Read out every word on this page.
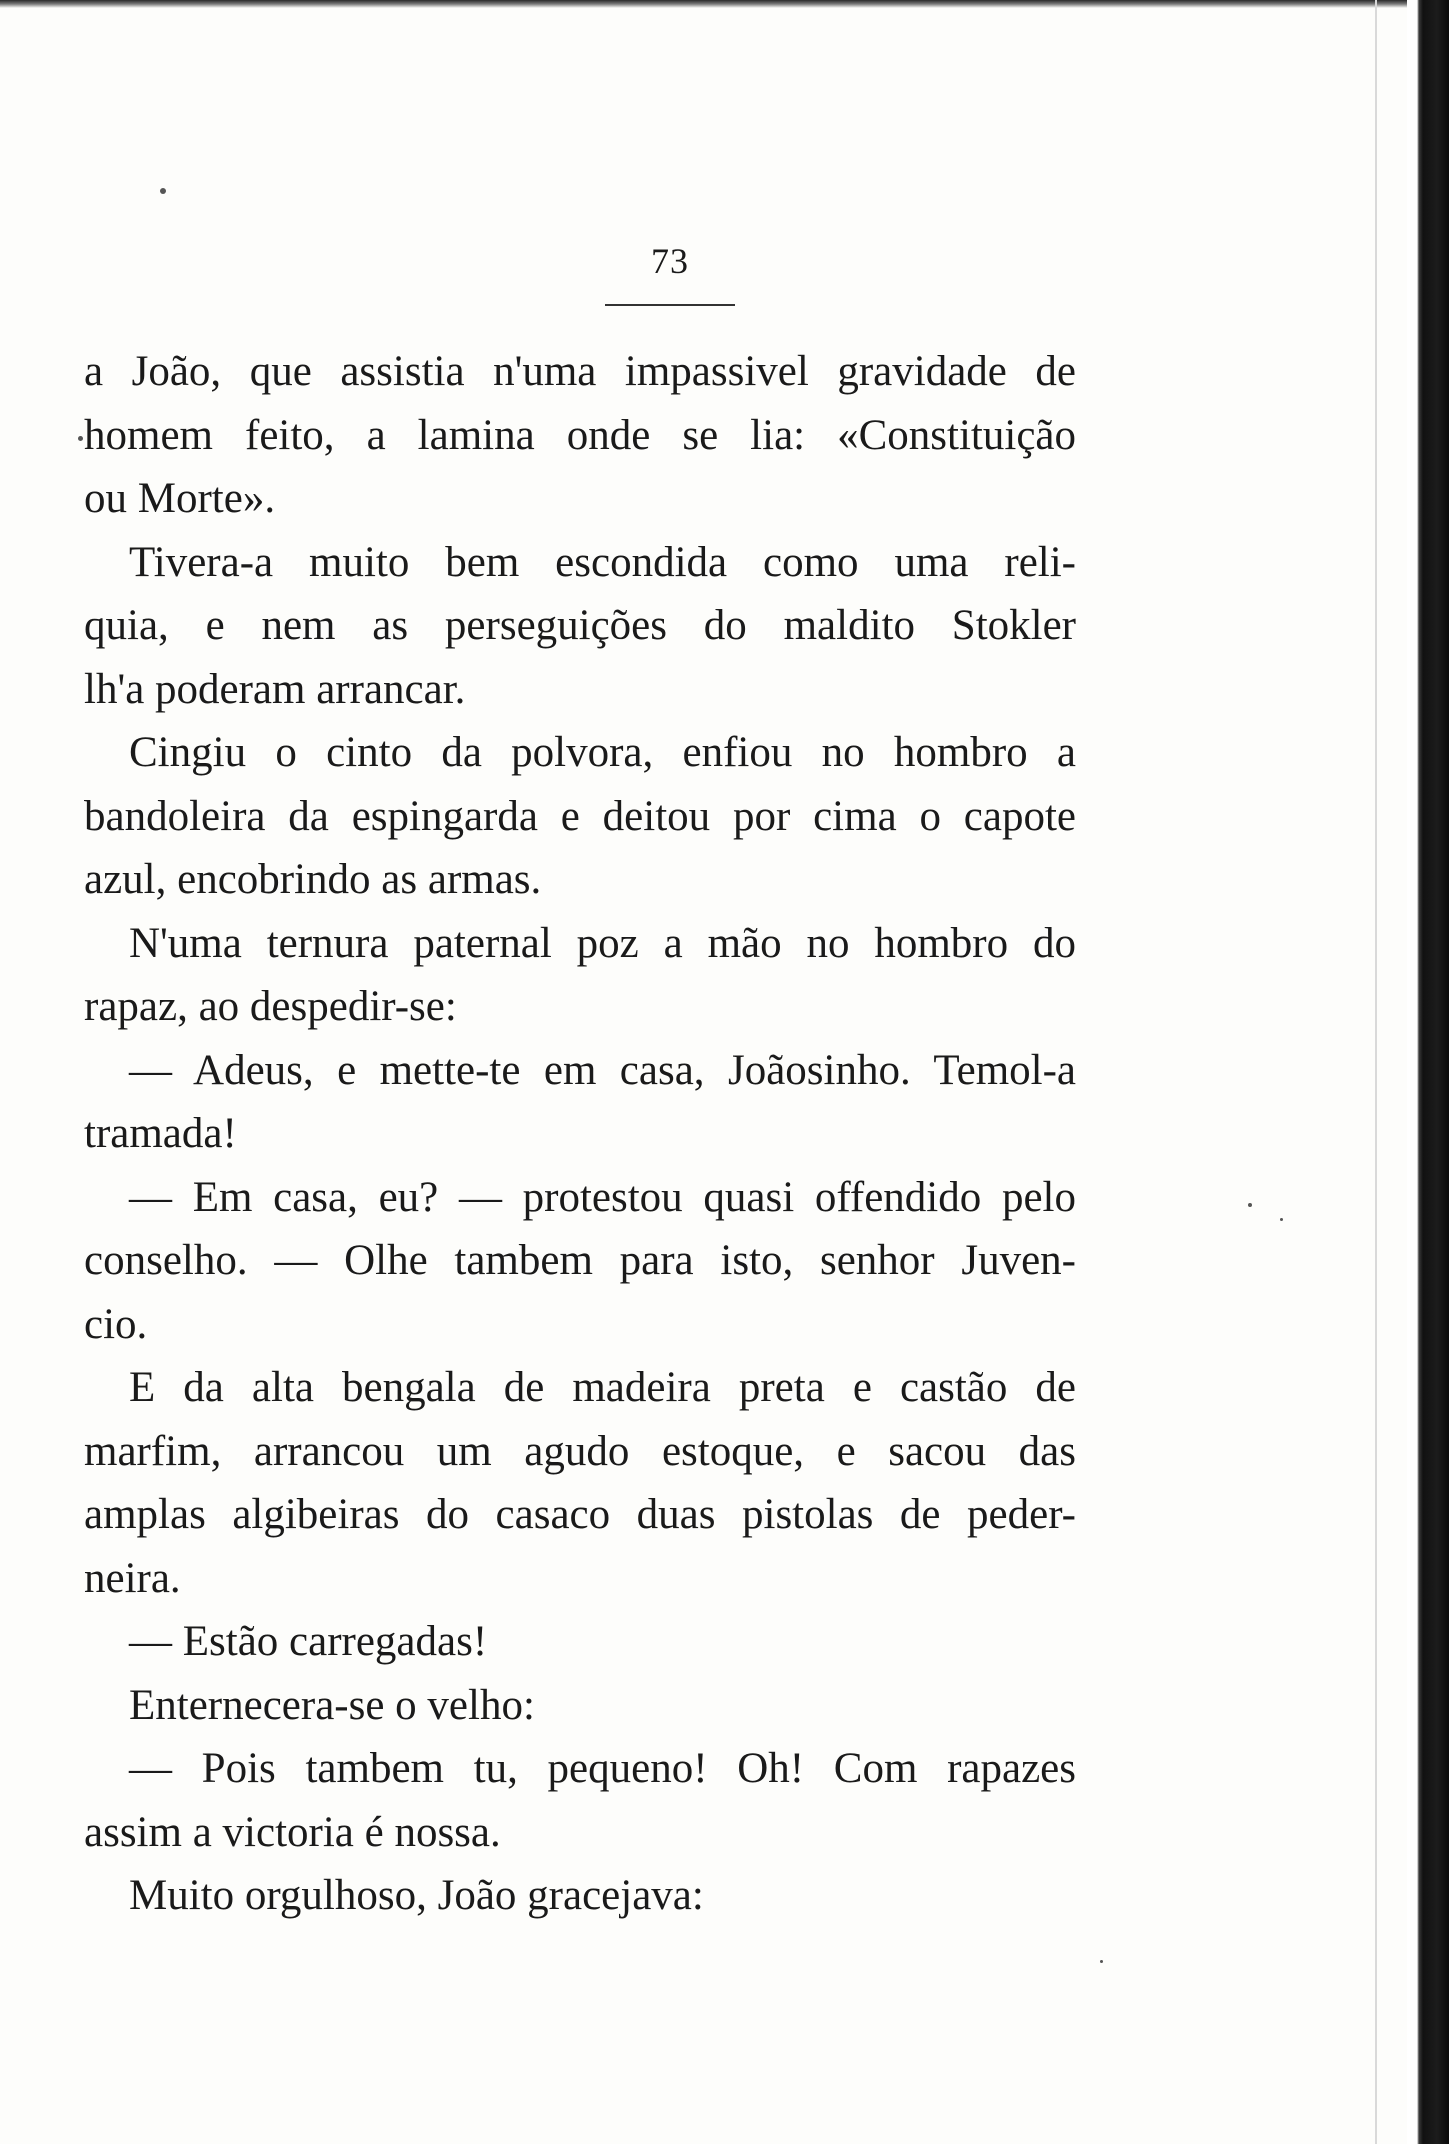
73
a João, que assistia n'uma impassivel gravidade de
homem feito, a lamina onde se lia: «Constituição
ou Morte».
Tivera-a muito bem escondida como uma reli-
quia, e nem as perseguições do maldito Stokler
lh'a poderam arrancar.
Cingiu o cinto da polvora, enfiou no hombro a
bandoleira da espingarda e deitou por cima o capote
azul, encobrindo as armas.
N'uma ternura paternal poz a mão no hombro do
rapaz, ao despedir-se:
— Adeus, e mette-te em casa, Joãosinho. Temol-a
tramada!
— Em casa, eu? — protestou quasi offendido pelo
conselho. — Olhe tambem para isto, senhor Juven-
cio.
E da alta bengala de madeira preta e castão de
marfim, arrancou um agudo estoque, e sacou das
amplas algibeiras do casaco duas pistolas de peder-
neira.
— Estão carregadas!
Enternecera-se o velho:
— Pois tambem tu, pequeno! Oh! Com rapazes
assim a victoria é nossa.
Muito orgulhoso, João gracejava:
